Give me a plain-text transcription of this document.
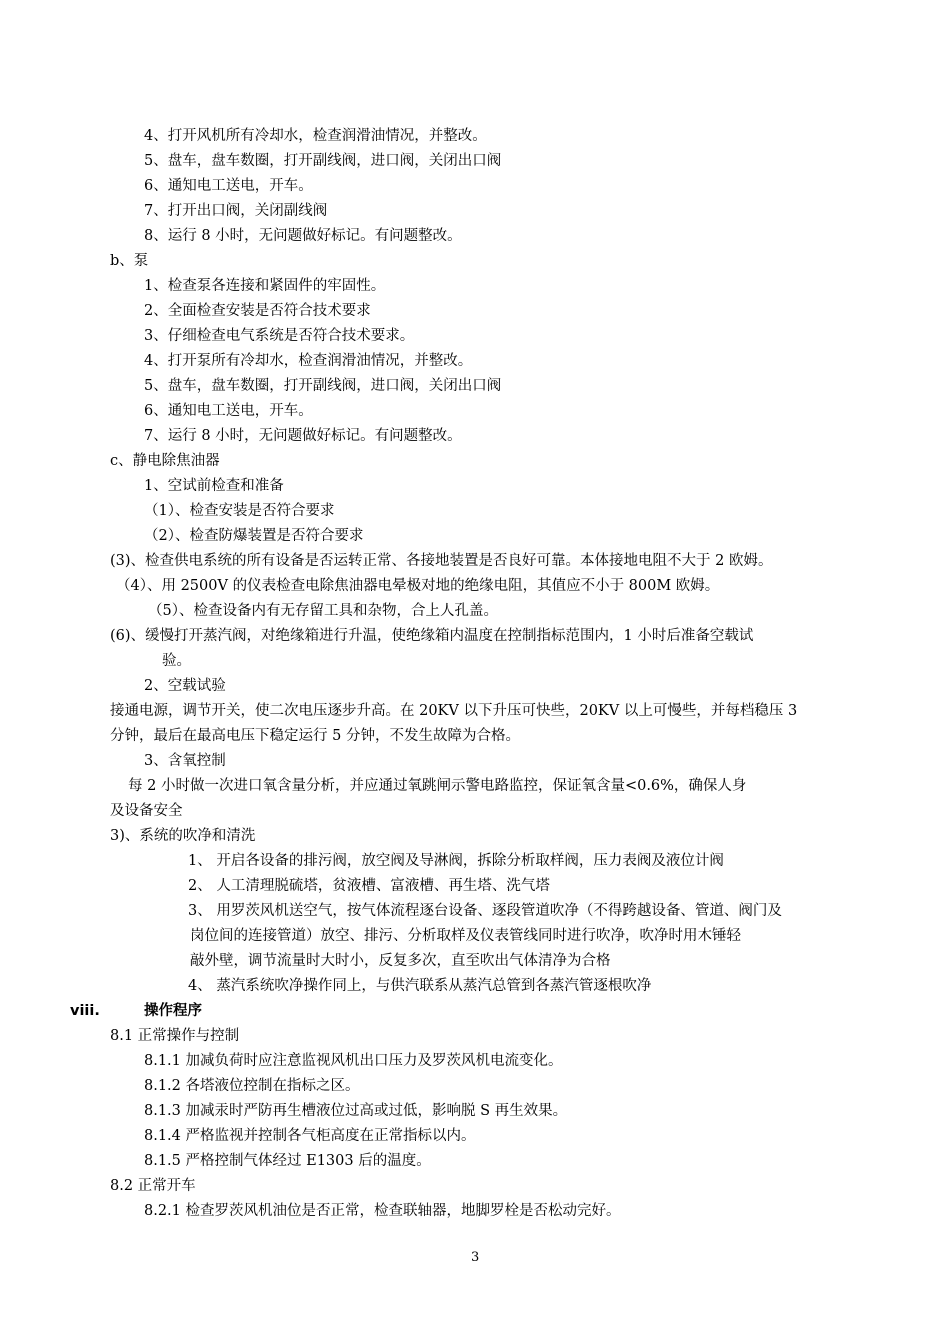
4、打开风机所有冷却水，检查润滑油情况，并整改。
5、盘车，盘车数圈，打开副线阀，进口阀，关闭出口阀
6、通知电工送电，开车。
7、打开出口阀，关闭副线阀
8、运行 8 小时，无问题做好标记。有问题整改。
b、泵
1、检查泵各连接和紧固件的牢固性。
2、全面检查安装是否符合技术要求
3、仔细检查电气系统是否符合技术要求。
4、打开泵所有冷却水，检查润滑油情况，并整改。
5、盘车，盘车数圈，打开副线阀，进口阀，关闭出口阀
6、通知电工送电，开车。
7、运行 8 小时，无问题做好标记。有问题整改。
c、静电除焦油器
1、空试前检查和准备
（1）、检查安装是否符合要求
（2）、检查防爆装置是否符合要求
(3)、检查供电系统的所有设备是否运转正常、各接地装置是否良好可靠。本体接地电阻不大于 2 欧姆。
（4）、用 2500V 的仪表检查电除焦油器电晕极对地的绝缘电阻，其值应不小于 800M 欧姆。
（5）、检查设备内有无存留工具和杂物，合上人孔盖。
(6)、缓慢打开蒸汽阀，对绝缘箱进行升温，使绝缘箱内温度在控制指标范围内，1 小时后准备空载试
验。
2、空载试验
接通电源，调节开关，使二次电压逐步升高。在 20KV 以下升压可快些，20KV 以上可慢些，并每档稳压 3
分钟，最后在最高电压下稳定运行 5 分钟，不发生故障为合格。
3、含氧控制
每 2 小时做一次进口氧含量分析，并应通过氧跳闸示警电路监控，保证氧含量<0.6%，确保人身
及设备安全
3)、系统的吹净和清洗
1、 开启各设备的排污阀，放空阀及导淋阀，拆除分析取样阀，压力表阀及液位计阀
2、 人工清理脱硫塔，贫液槽、富液槽、再生塔、洗气塔
3、 用罗茨风机送空气，按气体流程逐台设备、逐段管道吹净（不得跨越设备、管道、阀门及
岗位间的连接管道）放空、排污、分析取样及仪表管线同时进行吹净，吹净时用木锤轻
敲外壁，调节流量时大时小，反复多次，直至吹出气体清净为合格
4、 蒸汽系统吹净操作同上，与供汽联系从蒸汽总管到各蒸汽管逐根吹净
viii.	操作程序
8.1 正常操作与控制
8.1.1 加减负荷时应注意监视风机出口压力及罗茨风机电流变化。
8.1.2 各塔液位控制在指标之区。
8.1.3 加减汞时严防再生槽液位过高或过低，影响脱 S 再生效果。
8.1.4 严格监视并控制各气柜高度在正常指标以内。
8.1.5 严格控制气体经过 E1303 后的温度。
8.2 正常开车
8.2.1 检查罗茨风机油位是否正常，检查联轴器，地脚罗栓是否松动完好。
3
